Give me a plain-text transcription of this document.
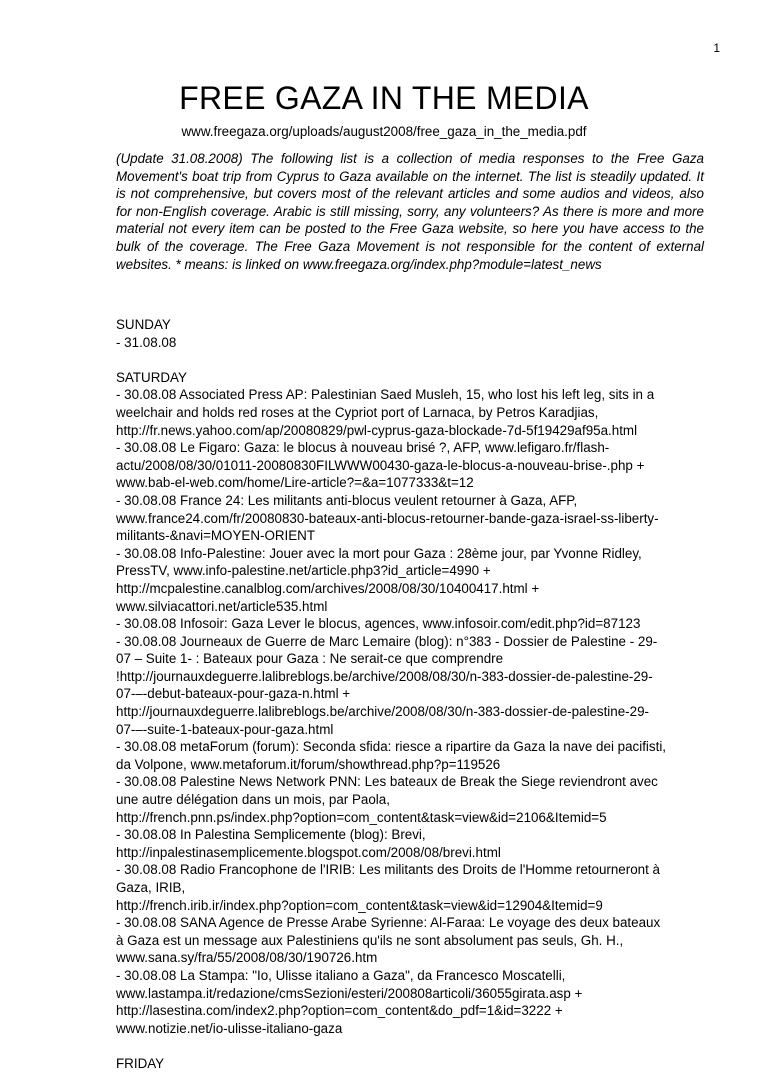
1
FREE GAZA IN THE MEDIA
www.freegaza.org/uploads/august2008/free_gaza_in_the_media.pdf
(Update 31.08.2008) The following list is a collection of media responses to the Free Gaza Movement's boat trip from Cyprus to Gaza available on the internet. The list is steadily updated. It is not comprehensive, but covers most of the relevant articles and some audios and videos, also for non-English coverage. Arabic is still missing, sorry, any volunteers? As there is more and more material not every item can be posted to the Free Gaza website, so here you have access to the bulk of the coverage. The Free Gaza Movement is not responsible for the content of external websites. * means: is linked on www.freegaza.org/index.php?module=latest_news
SUNDAY
- 31.08.08
SATURDAY
- 30.08.08 Associated Press AP: Palestinian Saed Musleh, 15, who lost his left leg, sits in a
weelchair and holds red roses at the Cypriot port of Larnaca, by Petros Karadjias,
http://fr.news.yahoo.com/ap/20080829/pwl-cyprus-gaza-blockade-7d-5f19429af95a.html
- 30.08.08 Le Figaro: Gaza: le blocus à nouveau brisé ?, AFP, www.lefigaro.fr/flash-
actu/2008/08/30/01011-20080830FILWWW00430-gaza-le-blocus-a-nouveau-brise-.php +
www.bab-el-web.com/home/Lire-article?=&a=1077333&t=12
- 30.08.08 France 24: Les militants anti-blocus veulent retourner à Gaza, AFP,
www.france24.com/fr/20080830-bateaux-anti-blocus-retourner-bande-gaza-israel-ss-liberty-
militants-&navi=MOYEN-ORIENT
- 30.08.08 Info-Palestine: Jouer avec la mort pour Gaza : 28ème jour, par Yvonne Ridley,
PressTV, www.info-palestine.net/article.php3?id_article=4990 +
http://mcpalestine.canalblog.com/archives/2008/08/30/10400417.html +
www.silviacattori.net/article535.html
- 30.08.08 Infosoir: Gaza Lever le blocus, agences, www.infosoir.com/edit.php?id=87123
- 30.08.08 Journeaux de Guerre de Marc Lemaire (blog): n°383 - Dossier de Palestine - 29-
07 – Suite 1- : Bateaux pour Gaza : Ne serait-ce que comprendre
!http://journauxdeguerre.lalibreblogs.be/archive/2008/08/30/n-383-dossier-de-palestine-29-
07-–-debut-bateaux-pour-gaza-n.html +
http://journauxdeguerre.lalibreblogs.be/archive/2008/08/30/n-383-dossier-de-palestine-29-
07-–-suite-1-bateaux-pour-gaza.html
- 30.08.08 metaForum (forum): Seconda sfida: riesce a ripartire da Gaza la nave dei pacifisti,
da Volpone, www.metaforum.it/forum/showthread.php?p=119526
- 30.08.08 Palestine News Network PNN: Les bateaux de Break the Siege reviendront avec
une autre délégation dans un mois, par Paola,
http://french.pnn.ps/index.php?option=com_content&task=view&id=2106&Itemid=5
- 30.08.08 In Palestina Semplicemente (blog): Brevi,
http://inpalestinasemplicemente.blogspot.com/2008/08/brevi.html
- 30.08.08 Radio Francophone de l'IRIB: Les militants des Droits de l'Homme retourneront à
Gaza, IRIB,
http://french.irib.ir/index.php?option=com_content&task=view&id=12904&Itemid=9
- 30.08.08 SANA Agence de Presse Arabe Syrienne: Al-Faraa: Le voyage des deux bateaux
à Gaza est un message aux Palestiniens qu'ils ne sont absolument pas seuls, Gh. H.,
www.sana.sy/fra/55/2008/08/30/190726.htm
- 30.08.08 La Stampa: "Io, Ulisse italiano a Gaza", da Francesco Moscatelli,
www.lastampa.it/redazione/cmsSezioni/esteri/200808articoli/36055girata.asp +
http://lasestina.com/index2.php?option=com_content&do_pdf=1&id=3222 +
www.notizie.net/io-ulisse-italiano-gaza
FRIDAY
